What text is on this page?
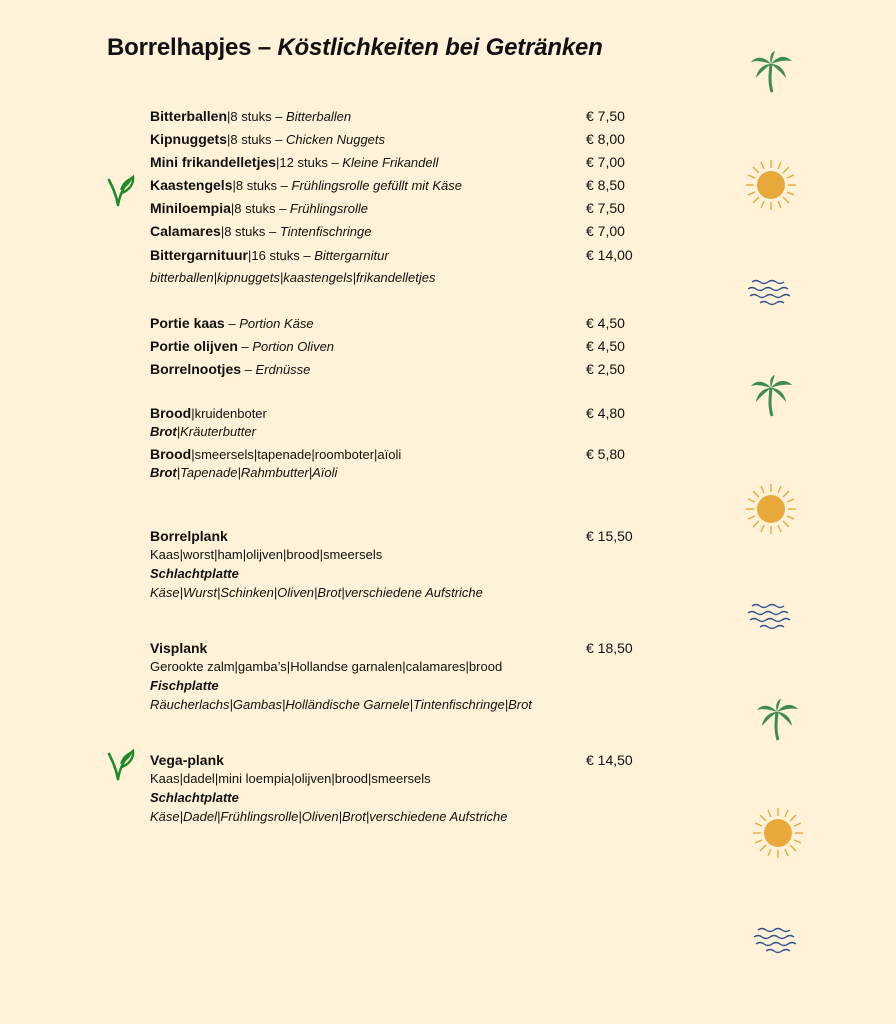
Borrelhapjes – Köstlichkeiten bei Getränken
Bitterballen|8 stuks – Bitterballen	€ 7,50
Kipnuggets|8 stuks – Chicken Nuggets	€ 8,00
Mini frikandelletjes|12 stuks – Kleine Frikandell	€ 7,00
Kaastengels|8 stuks – Frühlingsrolle gefüllt mit Käse	€ 8,50
Miniloempia|8 stuks – Frühlingsrolle	€ 7,50
Calamares|8 stuks – Tintenfischringe	€ 7,00
Bittergarnituur|16 stuks – Bittergarnitur	€ 14,00
bitterballen|kipnuggets|kaastengels|frikandelletjes
Portie kaas – Portion Käse	€ 4,50
Portie olijven – Portion Oliven	€ 4,50
Borrelnootjes – Erdnüsse	€ 2,50
Brood|kruidenboter	€ 4,80
Brot|Kräuterbutter
Brood|smeersels|tapenade|roomboter|aïoli	€ 5,80
Brot|Tapenade|Rahmbutter|Aïoli
Borrelplank	€ 15,50
Kaas|worst|ham|olijven|brood|smeersels
Schlachtplatte
Käse|Wurst|Schinken|Oliven|Brot|verschiedene Aufstriche
Visplank	€ 18,50
Gerookte zalm|gamba’s|Hollandse garnalen|calamares|brood
Fischplatte
Räucherlachs|Gambas|Holländische Garnele|Tintenfischringe|Brot
Vega-plank	€ 14,50
Kaas|dadel|mini loempia|olijven|brood|smeersels
Schlachtplatte
Käse|Dadel|Frühlingsrolle|Oliven|Brot|verschiedene Aufstriche
